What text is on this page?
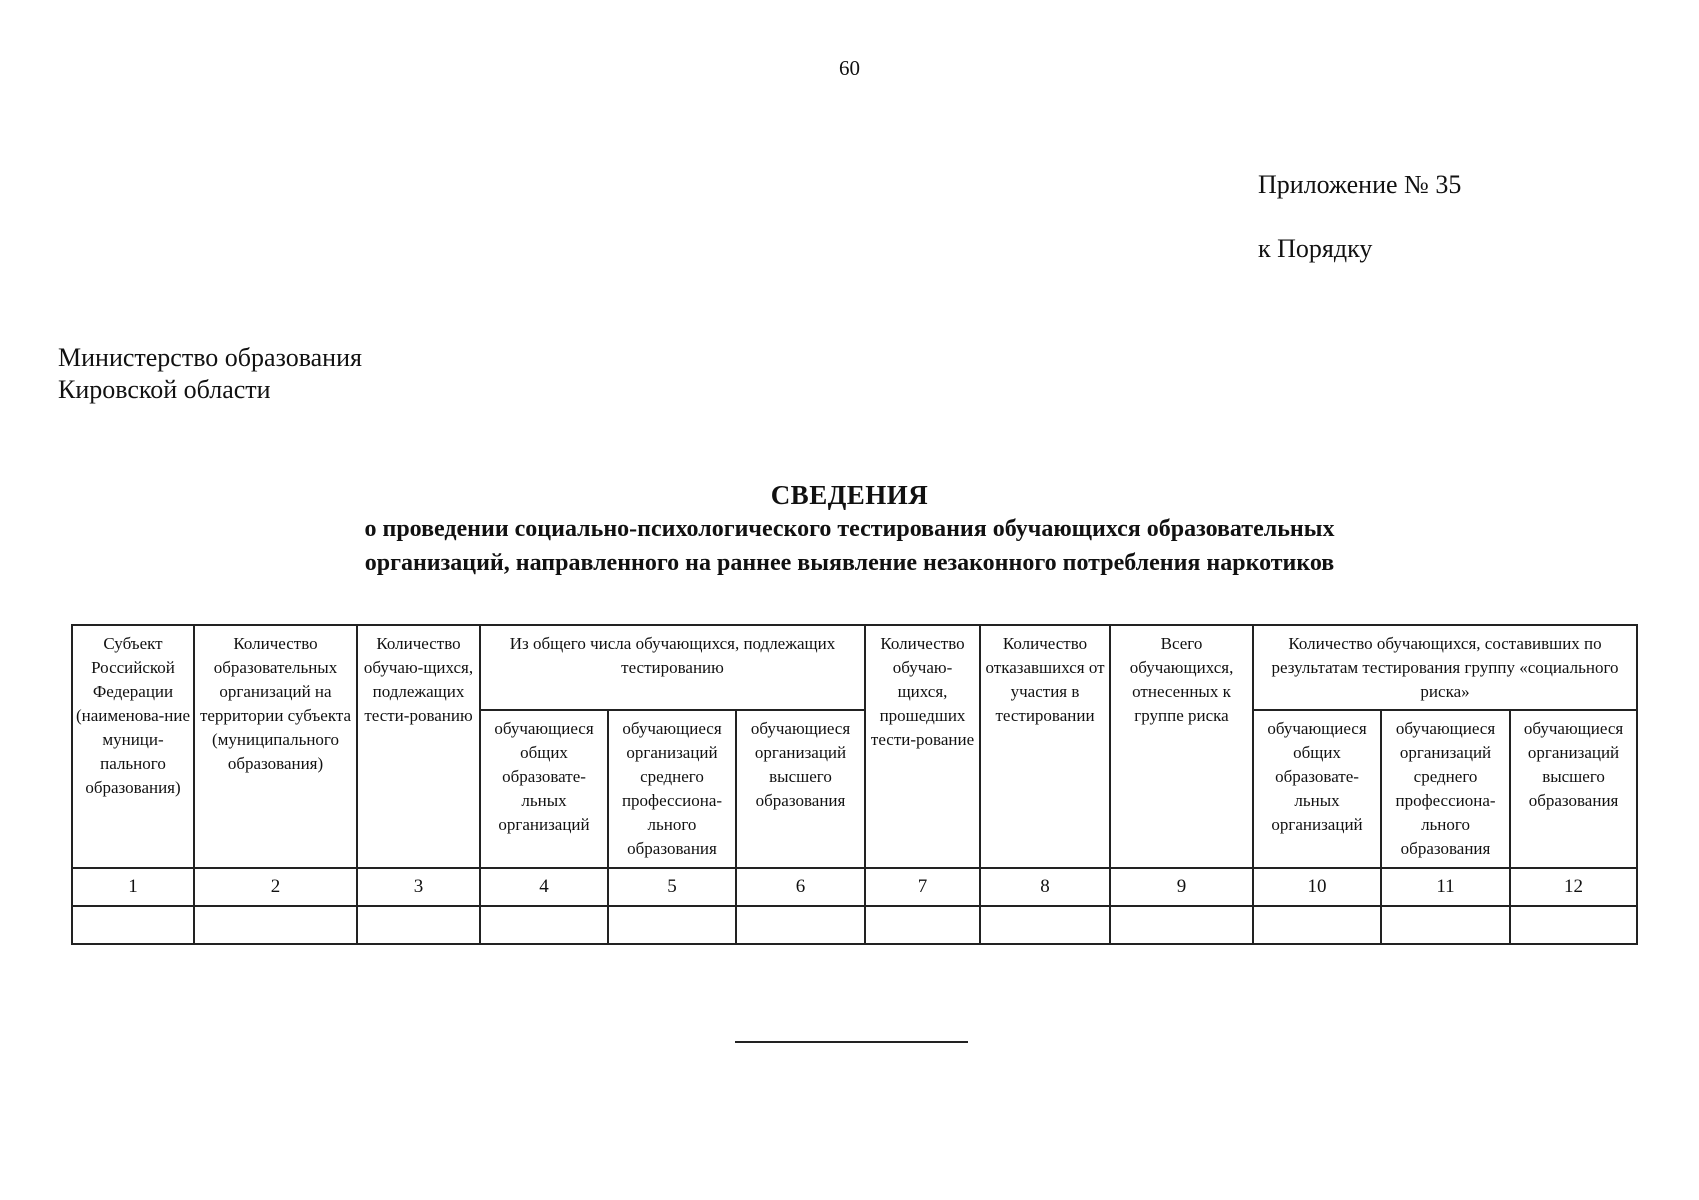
60
Приложение № 35
к Порядку
Министерство образования
Кировской области
СВЕДЕНИЯ
о проведении социально-психологического тестирования обучающихся образовательных
организаций, направленного на раннее выявление незаконного потребления наркотиков
Субъект Российской Федерации (наименова-ние муници-пального образования)	Количество образовательных организаций на территории субъекта (муниципального образования)	Количество обучаю-щихся, подлежащих тести-рованию	Из общего числа обучающихся, подлежащих тестированию			Количество обучаю-щихся, прошедших тести-рование	Количество отказавшихся от участия в тестировании	Всего обучающихся, отнесенных к группе риска	Количество обучающихся, составивших по результатам тестирования группу «социального риска»		
			обучающиеся общих образовате-льных организаций	обучающиеся организаций среднего профессиона-льного образования	обучающиеся организаций высшего образования				обучающиеся общих образовате-льных организаций	обучающиеся организаций среднего профессиона-льного образования	обучающиеся организаций высшего образования
1	2	3	4	5	6	7	8	9	10	11	12
